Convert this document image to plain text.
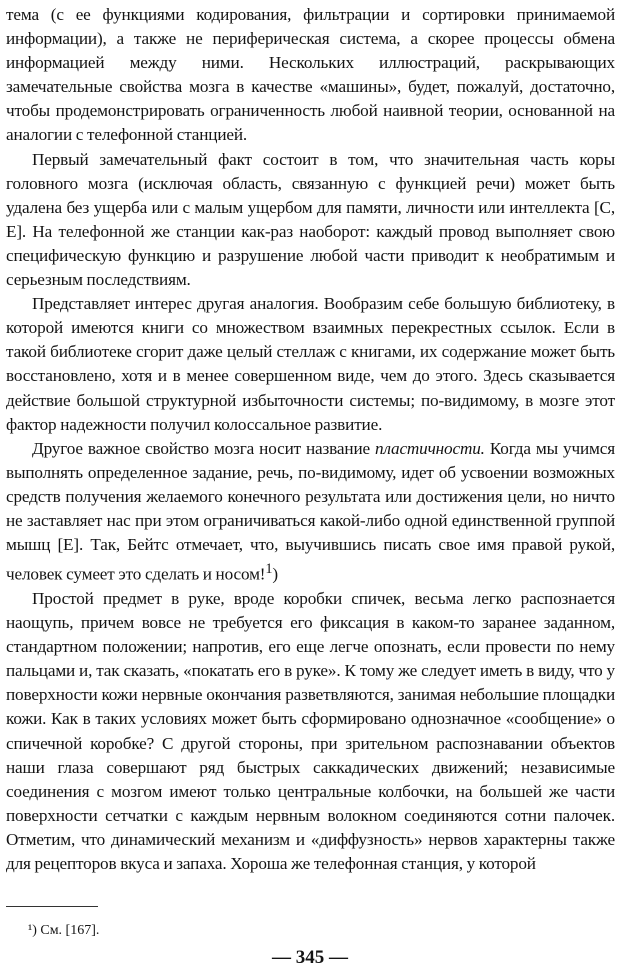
тема (с ее функциями кодирования, фильтрации и сортировки принимаемой информации), а также не периферическая система, а скорее процессы обмена информацией между ними. Нескольких иллюстраций, раскрывающих замечательные свойства мозга в качестве «машины», будет, пожалуй, достаточно, чтобы продемонстрировать ограниченность любой наивной теории, основанной на аналогии с телефонной станцией.

Первый замечательный факт состоит в том, что значительная часть коры головного мозга (исключая область, связанную с функцией речи) может быть удалена без ущерба или с малым ущербом для памяти, личности или интеллекта [С, Е]. На телефонной же станции как-раз наоборот: каждый провод выполняет свою специфическую функцию и разрушение любой части приводит к необратимым и серьезным последствиям.

Представляет интерес другая аналогия. Вообразим себе большую библиотеку, в которой имеются книги со множеством взаимных перекрестных ссылок. Если в такой библиотеке сгорит даже целый стеллаж с книгами, их содержание может быть восстановлено, хотя и в менее совершенном виде, чем до этого. Здесь сказывается действие большой структурной избыточности системы; по-видимому, в мозге этот фактор надежности получил колоссальное развитие.

Другое важное свойство мозга носит название пластичности. Когда мы учимся выполнять определенное задание, речь, по-видимому, идет об усвоении возможных средств получения желаемого конечного результата или достижения цели, но ничто не заставляет нас при этом ограничиваться какой-либо одной единственной группой мышц [Е]. Так, Бейтс отмечает, что, выучившись писать свое имя правой рукой, человек сумеет это сделать и носом!$^1$)

Простой предмет в руке, вроде коробки спичек, весьма легко распознается наощупь, причем вовсе не требуется его фиксация в каком-то заранее заданном, стандартном положении; напротив, его еще легче опознать, если провести по нему пальцами и, так сказать, «покатать его в руке». К тому же следует иметь в виду, что у поверхности кожи нервные окончания разветвляются, занимая небольшие площадки кожи. Как в таких условиях может быть сформировано однозначное «сообщение» о спичечной коробке? С другой стороны, при зрительном распознавании объектов наши глаза совершают ряд быстрых саккадических движений; независимые соединения с мозгом имеют только центральные колбочки, на большей же части поверхности сетчатки с каждым нервным волокном соединяются сотни палочек. Отметим, что динамический механизм и «диффузность» нервов характерны также для рецепторов вкуса и запаха. Хороша же телефонная станция, у которой

¹) См. [167].
— 345 —
